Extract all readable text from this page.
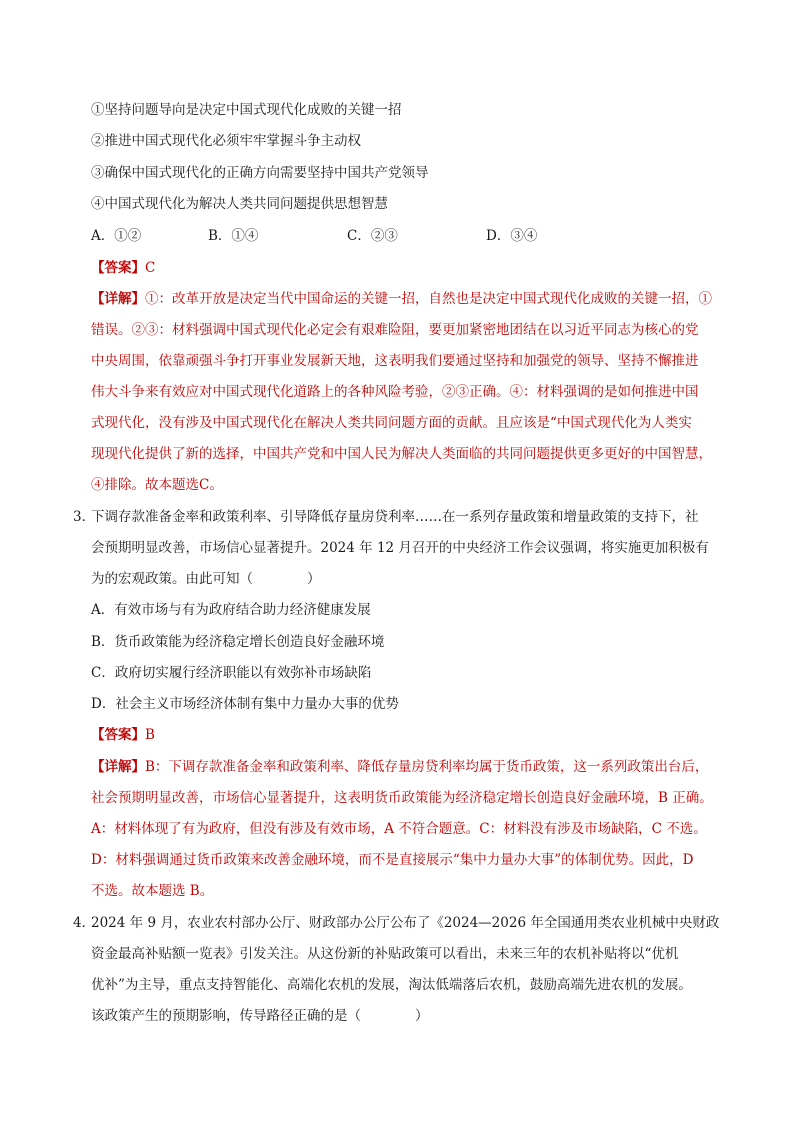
①坚持问题导向是决定中国式现代化成败的关键一招
②推进中国式现代化必须牢牢掌握斗争主动权
③确保中国式现代化的正确方向需要坚持中国共产党领导
④中国式现代化为解决人类共同问题提供思想智慧
A．①②	B．①④	C．②③	D．③④
【答案】C
【详解】①：改革开放是决定当代中国命运的关键一招，自然也是决定中国式现代化成败的关键一招，①
错误。②③：材料强调中国式现代化必定会有艰难险阻，要更加紧密地团结在以习近平同志为核心的党
中央周围，依靠顽强斗争打开事业发展新天地，这表明我们要通过坚持和加强党的领导、坚持不懈推进
伟大斗争来有效应对中国式现代化道路上的各种风险考验，②③正确。④：材料强调的是如何推进中国
式现代化，没有涉及中国式现代化在解决人类共同问题方面的贡献。且应该是“中国式现代化为人类实
现现代化提供了新的选择，中国共产党和中国人民为解决人类面临的共同问题提供更多更好的中国智慧，
④排除。故本题选C。
3．
下调存款准备金率和政策利率、引导降低存量房贷利率……在一系列存量政策和增量政策的支持下，社
会预期明显改善，市场信心显著提升。2024 年 12 月召开的中央经济工作会议强调，将实施更加积极有
为的宏观政策。由此可知（　　　　）
A．有效市场与有为政府结合助力经济健康发展
B．货币政策能为经济稳定增长创造良好金融环境
C．政府切实履行经济职能以有效弥补市场缺陷
D．社会主义市场经济体制有集中力量办大事的优势
【答案】B
【详解】B：下调存款准备金率和政策利率、降低存量房贷利率均属于货币政策，这一系列政策出台后，
社会预期明显改善，市场信心显著提升，这表明货币政策能为经济稳定增长创造良好金融环境，B 正确。
A：材料体现了有为政府，但没有涉及有效市场，A 不符合题意。C：材料没有涉及市场缺陷，C 不选。
D：材料强调通过货币政策来改善金融环境，而不是直接展示“集中力量办大事”的体制优势。因此，D
不选。故本题选 B。
4．
2024 年 9 月，农业农村部办公厅、财政部办公厅公布了《2024—2026 年全国通用类农业机械中央财政
资金最高补贴额一览表》引发关注。从这份新的补贴政策可以看出，未来三年的农机补贴将以“优机
优补”为主导，重点支持智能化、高端化农机的发展，淘汰低端落后农机，鼓励高端先进农机的发展。
该政策产生的预期影响，传导路径正确的是（　　　　）
